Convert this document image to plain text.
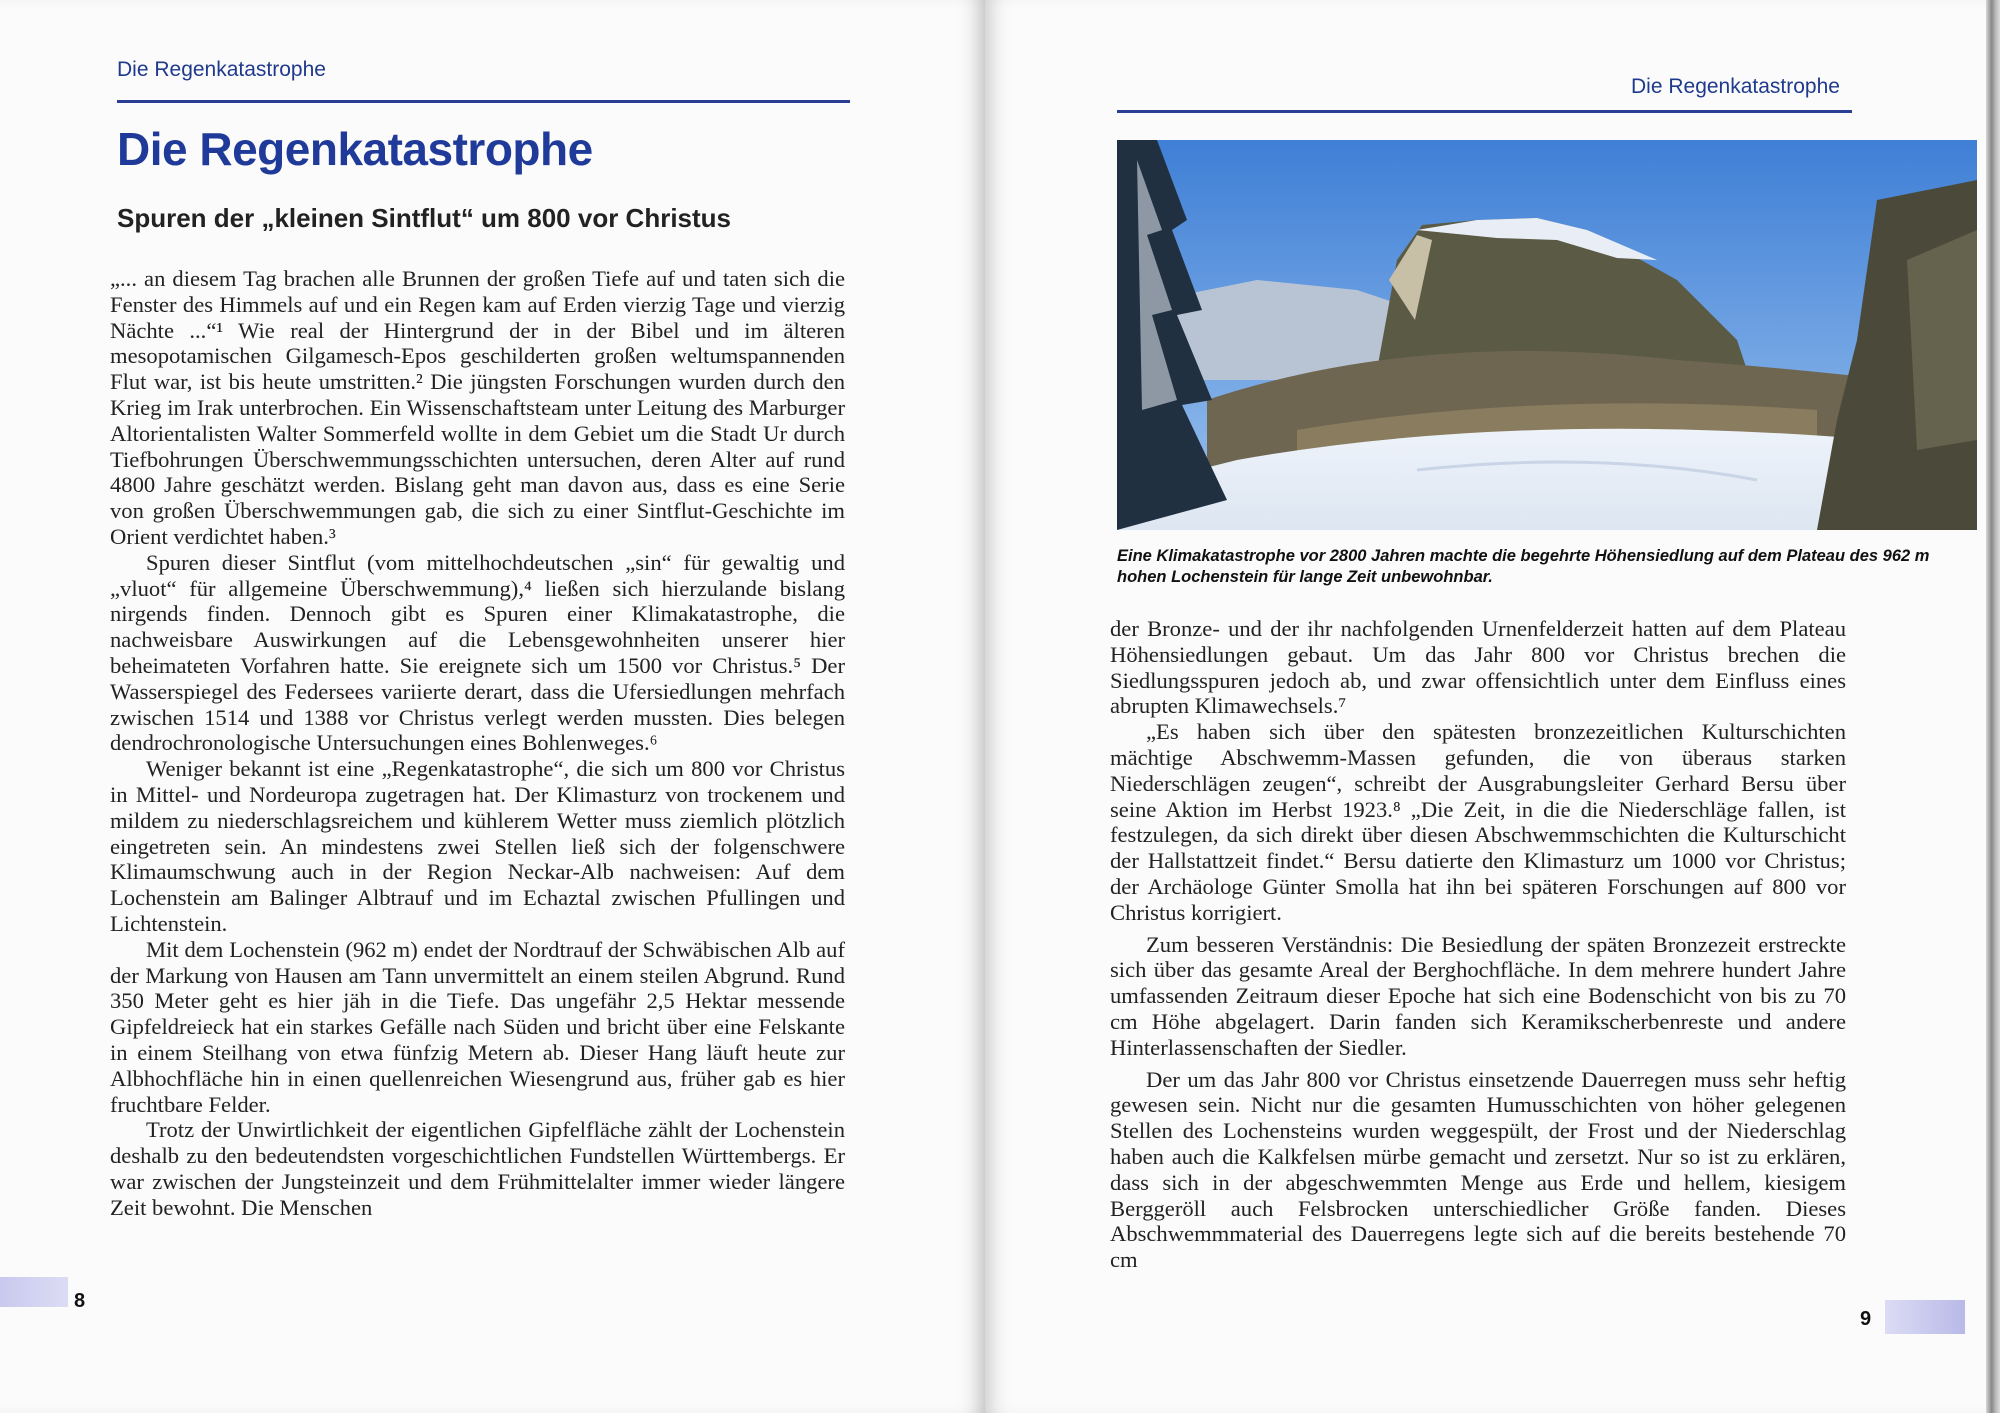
Die Regenkatastrophe
Die Regenkatastrophe
Spuren der „kleinen Sintflut“ um 800 vor Christus

„... an diesem Tag brachen alle Brunnen der großen Tiefe auf und taten sich die Fenster des Himmels auf und ein Regen kam auf Erden vierzig Tage und vierzig Nächte ...“¹ Wie real der Hintergrund der in der Bibel und im älteren mesopotamischen Gilgamesch-Epos geschilderten großen weltumspannenden Flut war, ist bis heute umstritten.² Die jüngsten Forschungen wurden durch den Krieg im Irak unterbrochen. Ein Wissenschaftsteam unter Leitung des Marburger Altorientalisten Walter Sommerfeld wollte in dem Gebiet um die Stadt Ur durch Tiefbohrungen Überschwemmungsschichten untersuchen, deren Alter auf rund 4800 Jahre geschätzt werden. Bislang geht man davon aus, dass es eine Serie von großen Überschwemmungen gab, die sich zu einer Sintflut-Geschichte im Orient verdichtet haben.³

Spuren dieser Sintflut (vom mittelhochdeutschen „sin“ für gewaltig und „vluot“ für allgemeine Überschwemmung),⁴ ließen sich hierzulande bislang nirgends finden. Dennoch gibt es Spuren einer Klimakatastrophe, die nachweisbare Auswirkungen auf die Lebensgewohnheiten unserer hier beheimateten Vorfahren hatte. Sie ereignete sich um 1500 vor Christus.⁵ Der Wasserspiegel des Federsees variierte derart, dass die Ufersiedlungen mehrfach zwischen 1514 und 1388 vor Christus verlegt werden mussten. Dies belegen dendrochronologische Untersuchungen eines Bohlenweges.⁶

Weniger bekannt ist eine „Regenkatastrophe“, die sich um 800 vor Christus in Mittel- und Nordeuropa zugetragen hat. Der Klimasturz von trockenem und mildem zu niederschlagsreichem und kühlerem Wetter muss ziemlich plötzlich eingetreten sein. An mindestens zwei Stellen ließ sich der folgenschwere Klimaumschwung auch in der Region Neckar-Alb nachweisen: Auf dem Lochenstein am Balinger Albtrauf und im Echaztal zwischen Pfullingen und Lichtenstein.

Mit dem Lochenstein (962 m) endet der Nordtrauf der Schwäbischen Alb auf der Markung von Hausen am Tann unvermittelt an einem steilen Abgrund. Rund 350 Meter geht es hier jäh in die Tiefe. Das ungefähr 2,5 Hektar messende Gipfeldreieck hat ein starkes Gefälle nach Süden und bricht über eine Felskante in einem Steilhang von etwa fünfzig Metern ab. Dieser Hang läuft heute zur Albhochfläche hin in einen quellenreichen Wiesengrund aus, früher gab es hier fruchtbare Felder.

Trotz der Unwirtlichkeit der eigentlichen Gipfelfläche zählt der Lochenstein deshalb zu den bedeutendsten vorgeschichtlichen Fundstellen Württembergs. Er war zwischen der Jungsteinzeit und dem Frühmittelalter immer wieder längere Zeit bewohnt. Die Menschen

8
Die Regenkatastrophe
Eine Klimakatastrophe vor 2800 Jahren machte die begehrte Höhensiedlung auf dem Plateau des 962 m hohen Lochenstein für lange Zeit unbewohnbar.

der Bronze- und der ihr nachfolgenden Urnenfelderzeit hatten auf dem Plateau Höhensiedlungen gebaut. Um das Jahr 800 vor Christus brechen die Siedlungsspuren jedoch ab, und zwar offensichtlich unter dem Einfluss eines abrupten Klimawechsels.⁷

„Es haben sich über den spätesten bronzezeitlichen Kulturschichten mächtige Abschwemm-Massen gefunden, die von überaus starken Niederschlägen zeugen“, schreibt der Ausgrabungsleiter Gerhard Bersu über seine Aktion im Herbst 1923.⁸ „Die Zeit, in die die Niederschläge fallen, ist festzulegen, da sich direkt über diesen Abschwemmschichten die Kulturschicht der Hallstattzeit findet.“ Bersu datierte den Klimasturz um 1000 vor Christus; der Archäologe Günter Smolla hat ihn bei späteren Forschungen auf 800 vor Christus korrigiert.

Zum besseren Verständnis: Die Besiedlung der späten Bronzezeit erstreckte sich über das gesamte Areal der Berghochfläche. In dem mehrere hundert Jahre umfassenden Zeitraum dieser Epoche hat sich eine Bodenschicht von bis zu 70 cm Höhe abgelagert. Darin fanden sich Keramikscherbenreste und andere Hinterlassenschaften der Siedler.

Der um das Jahr 800 vor Christus einsetzende Dauerregen muss sehr heftig gewesen sein. Nicht nur die gesamten Humusschichten von höher gelegenen Stellen des Lochensteins wurden weggespült, der Frost und der Niederschlag haben auch die Kalkfelsen mürbe gemacht und zersetzt. Nur so ist zu erklären, dass sich in der abgeschwemmten Menge aus Erde und hellem, kiesigem Berggeröll auch Felsbrocken unterschiedlicher Größe fanden. Dieses Abschwemmmaterial des Dauerregens legte sich auf die bereits bestehende 70 cm

9
